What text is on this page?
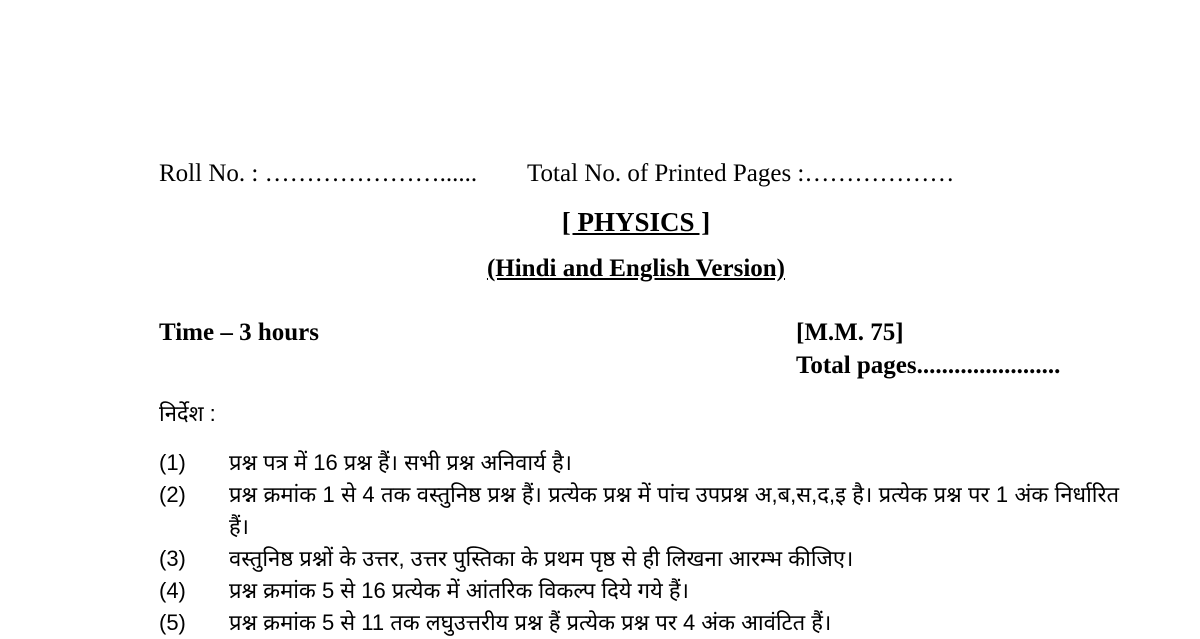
Roll No. : …………………...... Total No. of Printed Pages :………………
[ PHYSICS ]
(Hindi and English Version)
Time – 3 hours	[M.M. 75]
Total pages.......................
निर्देश :
(1) प्रश्न पत्र में 16 प्रश्न हैं। सभी प्रश्न अनिवार्य है।
(2) प्रश्न क्रमांक 1 से 4 तक वस्तुनिष्ठ प्रश्न हैं। प्रत्येक प्रश्न में पांच उपप्रश्न अ,ब,स,द,इ है। प्रत्येक प्रश्न पर 1 अंक निर्धारित हैं।
(3) वस्तुनिष्ठ प्रश्नों के उत्तर, उत्तर पुस्तिका के प्रथम पृष्ठ से ही लिखना आरम्भ कीजिए।
(4) प्रश्न क्रमांक 5 से 16 प्रत्येक में आंतरिक विकल्प दिये गये हैं।
(5) प्रश्न क्रमांक 5 से 11 तक लघुउत्तरीय प्रश्न हैं प्रत्येक प्रश्न पर 4 अंक आवंटित हैं।
